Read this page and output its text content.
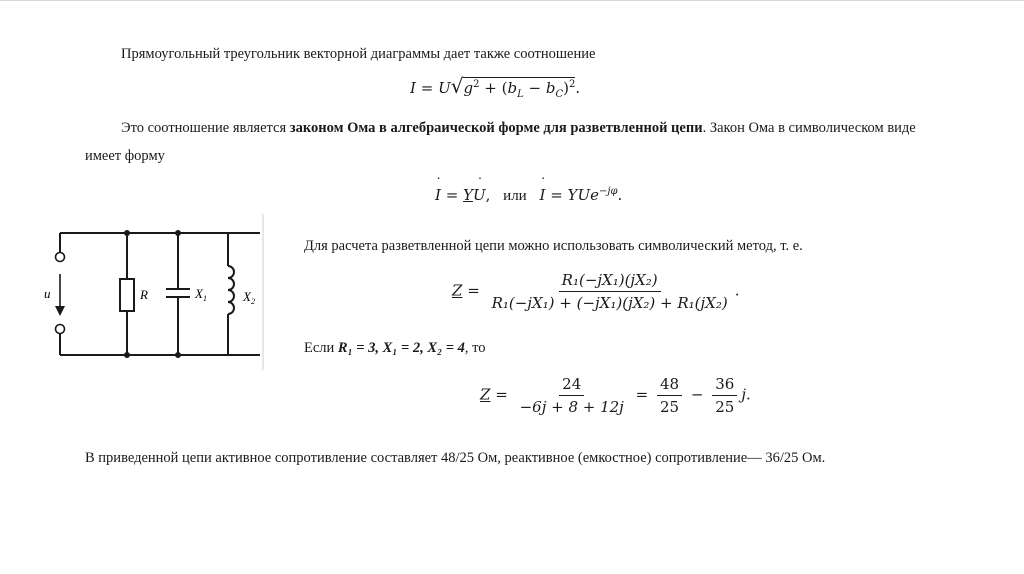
Прямоугольный треугольник векторной диаграммы дает также соотношение
$I = U√g^2 + (b_L - b_C)^2$.
Это соотношение является законом Ома в алгебраической форме для разветвленной цепи. Закон Ома в символическом виде
имеет форму
˙ I = Y˙ U, или ˙ I = YUe$^{-j\varphi}$.
u	R	$X_1$	$X_2$
Для расчета разветвленной цепи можно использовать символический метод, т. е.
$Z = \frac{\text{R₁(−jX₁)(jX₂)}}{\text{R₁(−jX₁) + (−jX₁)(jX₂) + R₁(jX₂)}}$ .
Если R₁ = 3, X₁ = 2, X₂ = 4, то
$Z = \frac{24}{-6j + 8 + 12j} = \frac{48}{25} - \frac{36}{25} j$.
В приведенной цепи активное сопротивление составляет 48/25 Ом, реактивное (емкостное) сопротивление— 36/25 Ом.
